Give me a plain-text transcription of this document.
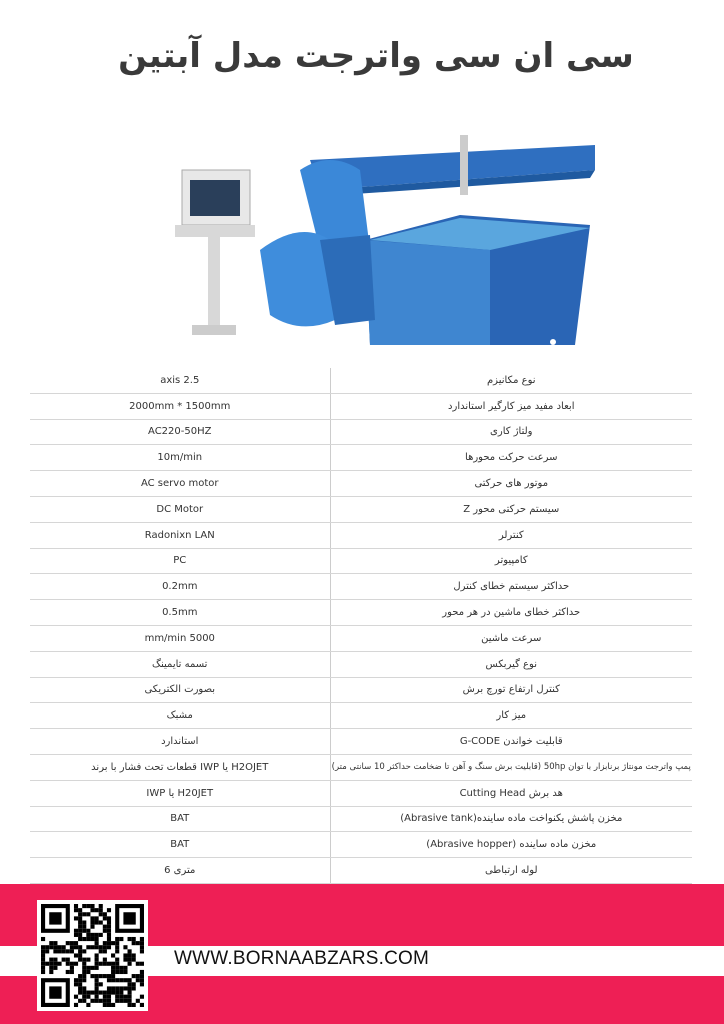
سی ان سی واترجت مدل آبتین
axis 2.5	نوع مکانیزم
2000mm * 1500mm	ابعاد مفید میز کارگیر استاندارد
AC220-50HZ	ولتاژ کاری
10m/min	سرعت حرکت محورها
AC servo motor	موتور های حرکتی
DC Motor	سیستم حرکتی محور Z
Radonixn LAN	کنترلر
PC	کامپیوتر
0.2mm	حداکثر سیستم خطای کنترل
0.5mm	حداکثر خطای ماشین در هر محور
mm/min 5000	سرعت ماشین
تسمه تایمینگ	نوع گیربکس
بصورت الکتریکی	کنترل ارتفاع تورچ برش
مشبک	میز کار
استاندارد	قابلیت خواندن G-CODE
قطعات تحت فشار با برند IWP یا H2OJET	پمپ واترجت مونتاژ برنابزار با توان 50hp (قابلیت برش سنگ و آهن تا ضخامت حداکثر 10 سانتی متر)
IWP یا H20JET	هد برش Cutting Head
BAT	مخزن پاشش یکنواخت ماده ساینده(Abrasive tank)
BAT	مخزن ماده ساینده (Abrasive hopper)
6 متری	لوله ارتباطی
WWW.BORNAABZARS.COM
